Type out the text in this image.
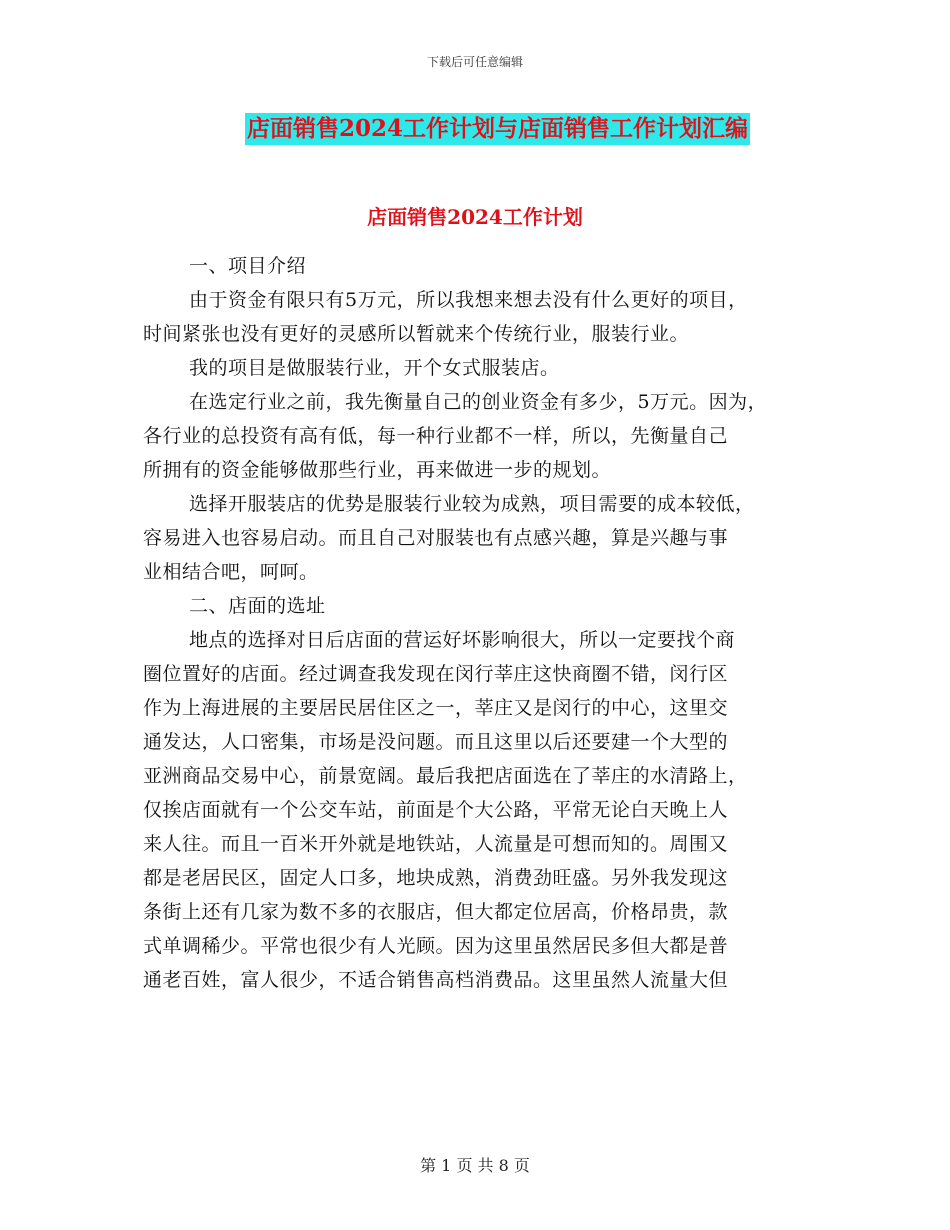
下载后可任意编辑
店面销售2024工作计划与店面销售工作计划汇编
店面销售2024工作计划

一、项目介绍

由于资金有限只有5万元，所以我想来想去没有什么更好的项目，
时间紧张也没有更好的灵感所以暂就来个传统行业，服装行业。

我的项目是做服装行业，开个女式服装店。

在选定行业之前，我先衡量自己的创业资金有多少，5万元。因为，
各行业的总投资有高有低，每一种行业都不一样，所以，先衡量自己
所拥有的资金能够做那些行业，再来做进一步的规划。

选择开服装店的优势是服装行业较为成熟，项目需要的成本较低，
容易进入也容易启动。而且自己对服装也有点感兴趣，算是兴趣与事
业相结合吧，呵呵。

二、店面的选址

地点的选择对日后店面的营运好坏影响很大，所以一定要找个商
圈位置好的店面。经过调查我发现在闵行莘庄这快商圈不错，闵行区
作为上海进展的主要居民居住区之一，莘庄又是闵行的中心，这里交
通发达，人口密集，市场是没问题。而且这里以后还要建一个大型的
亚洲商品交易中心，前景宽阔。最后我把店面选在了莘庄的水清路上，
仅挨店面就有一个公交车站，前面是个大公路，平常无论白天晚上人
来人往。而且一百米开外就是地铁站，人流量是可想而知的。周围又
都是老居民区，固定人口多，地块成熟，消费劲旺盛。另外我发现这
条街上还有几家为数不多的衣服店，但大都定位居高，价格昂贵，款
式单调稀少。平常也很少有人光顾。因为这里虽然居民多但大都是普
通老百姓，富人很少，不适合销售高档消费品。这里虽然人流量大但

第 1 页 共 8 页
